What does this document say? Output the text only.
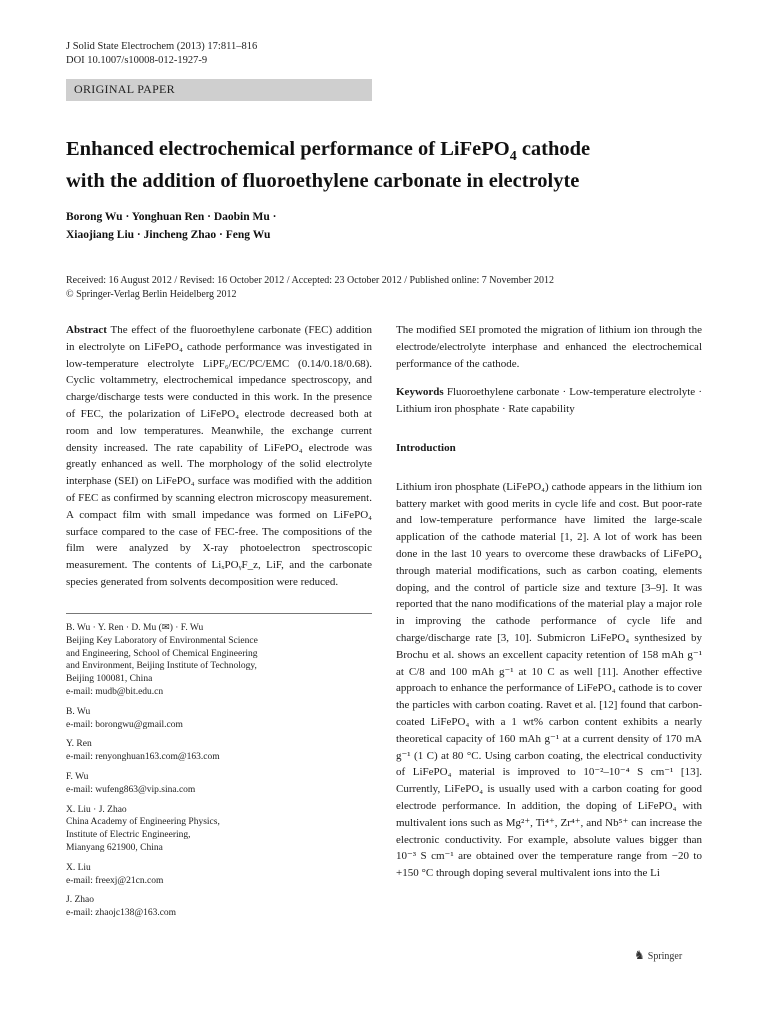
J Solid State Electrochem (2013) 17:811–816
DOI 10.1007/s10008-012-1927-9
ORIGINAL PAPER
Enhanced electrochemical performance of LiFePO$_4$ cathode
with the addition of fluoroethylene carbonate in electrolyte
Borong Wu · Yonghuan Ren · Daobin Mu ·
Xiaojiang Liu · Jincheng Zhao · Feng Wu
Received: 16 August 2012 / Revised: 16 October 2012 / Accepted: 23 October 2012 / Published online: 7 November 2012
© Springer-Verlag Berlin Heidelberg 2012

Abstract The effect of the fluoroethylene carbonate (FEC) addition in electrolyte on LiFePO₄ cathode performance was investigated in low-temperature electrolyte LiPF₆/EC/PC/EMC (0.14/0.18/0.68). Cyclic voltammetry, electrochemical impedance spectroscopy, and charge/discharge tests were conducted in this work. In the presence of FEC, the polarization of LiFePO₄ electrode decreased both at room and low temperatures. Meanwhile, the exchange current density increased. The rate capability of LiFePO₄ electrode was greatly enhanced as well. The morphology of the solid electrolyte interphase (SEI) on LiFePO₄ surface was modified with the addition of FEC as confirmed by scanning electron microscopy measurement. A compact film with small impedance was formed on LiFePO₄ surface compared to the case of FEC-free. The compositions of the film were analyzed by X-ray photoelectron spectroscopic measurement. The contents of LiₓPOᵧF_z, LiF, and the carbonate species generated from solvents decomposition were reduced.

B. Wu · Y. Ren · D. Mu (✉) · F. Wu
Beijing Key Laboratory of Environmental Science
and Engineering, School of Chemical Engineering
and Environment, Beijing Institute of Technology,
Beijing 100081, China
e-mail: mudb@bit.edu.cn
B. Wu
e-mail: borongwu@gmail.com
Y. Ren
e-mail: renyonghuan163.com@163.com
F. Wu
e-mail: wufeng863@vip.sina.com
X. Liu · J. Zhao
China Academy of Engineering Physics,
Institute of Electric Engineering,
Mianyang 621900, China
X. Liu
e-mail: freexj@21cn.com
J. Zhao
e-mail: zhaojc138@163.com

The modified SEI promoted the migration of lithium ion through the electrode/electrolyte interphase and enhanced the electrochemical performance of the cathode.

Keywords Fluoroethylene carbonate · Low-temperature electrolyte · Lithium iron phosphate · Rate capability

Introduction

Lithium iron phosphate (LiFePO₄) cathode appears in the lithium ion battery market with good merits in cycle life and cost. But poor-rate and low-temperature performance have limited the large-scale application of the cathode material [1, 2]. A lot of work has been done in the last 10 years to overcome these drawbacks of LiFePO₄ through material modifications, such as carbon coating, elements doping, and the control of particle size and texture [3–9]. It was reported that the nano modifications of the material play a major role in improving the cathode performance of cycle life and charge/discharge rate [3, 10]. Submicron LiFePO₄ synthesized by Brochu et al. shows an excellent capacity retention of 158 mAh g⁻¹ at C/8 and 100 mAh g⁻¹ at 10 C as well [11]. Another effective approach to enhance the performance of LiFePO₄ cathode is to cover the particles with carbon coating. Ravet et al. [12] found that carbon-coated LiFePO₄ with a 1 wt% carbon content exhibits a nearly theoretical capacity of 160 mAh g⁻¹ at a current density of 170 mA g⁻¹ (1 C) at 80 °C. Using carbon coating, the electrical conductivity of LiFePO₄ material is improved to 10⁻²–10⁻⁴ S cm⁻¹ [13]. Currently, LiFePO₄ is usually used with a carbon coating for good electrode performance. In addition, the doping of LiFePO₄ with multivalent ions such as Mg²⁺, Ti⁴⁺, Zr⁴⁺, and Nb⁵⁺ can increase the electronic conductivity. For example, absolute values bigger than 10⁻³ S cm⁻¹ are obtained over the temperature range from −20 to +150 °C through doping several multivalent ions into the Li

♞ Springer
